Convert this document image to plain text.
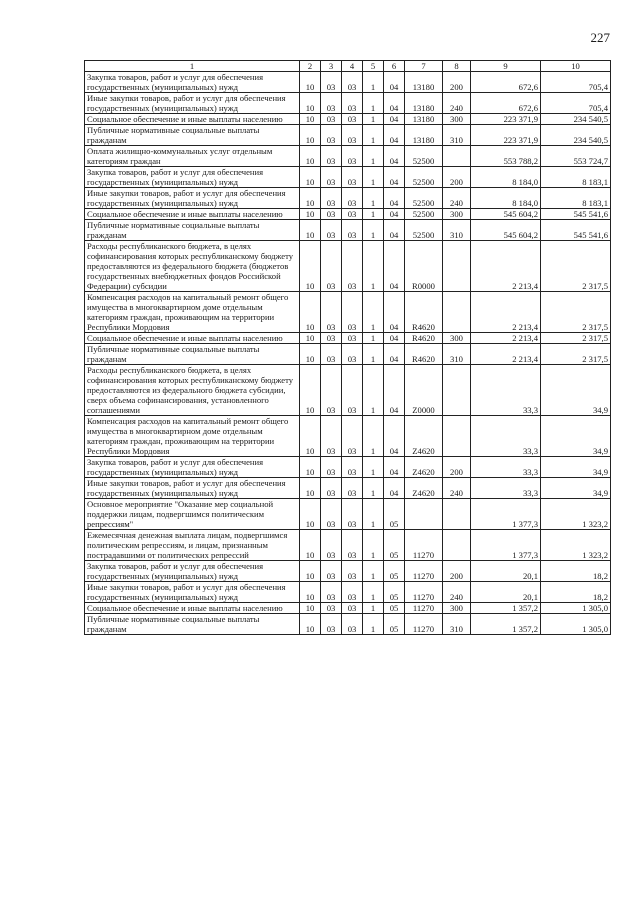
227
1	2	3	4	5	6	7	8	9	10
Закупка товаров, работ и услуг для обеспечения государственных (муниципальных) нужд	10	03	03	1	04	13180	200	672,6	705,4
Иные закупки товаров, работ и услуг для обеспечения государственных (муниципальных) нужд	10	03	03	1	04	13180	240	672,6	705,4
Социальное обеспечение и иные выплаты населению	10	03	03	1	04	13180	300	223 371,9	234 540,5
Публичные нормативные социальные выплаты гражданам	10	03	03	1	04	13180	310	223 371,9	234 540,5
Оплата жилищно-коммунальных услуг отдельным категориям граждан	10	03	03	1	04	52500		553 788,2	553 724,7
Закупка товаров, работ и услуг для обеспечения государственных (муниципальных) нужд	10	03	03	1	04	52500	200	8 184,0	8 183,1
Иные закупки товаров, работ и услуг для обеспечения государственных (муниципальных) нужд	10	03	03	1	04	52500	240	8 184,0	8 183,1
Социальное обеспечение и иные выплаты населению	10	03	03	1	04	52500	300	545 604,2	545 541,6
Публичные нормативные социальные выплаты гражданам	10	03	03	1	04	52500	310	545 604,2	545 541,6
Расходы республиканского бюджета, в целях софинансирования которых республиканскому бюджету предоставляются из федерального бюджета (бюджетов государственных внебюджетных фондов Российской Федерации) субсидии	10	03	03	1	04	R0000		2 213,4	2 317,5
Компенсация расходов на капитальный ремонт общего имущества в многоквартирном доме отдельным категориям граждан, проживающим на территории Республики Мордовия	10	03	03	1	04	R4620		2 213,4	2 317,5
Социальное обеспечение и иные выплаты населению	10	03	03	1	04	R4620	300	2 213,4	2 317,5
Публичные нормативные социальные выплаты гражданам	10	03	03	1	04	R4620	310	2 213,4	2 317,5
Расходы республиканского бюджета, в целях софинансирования которых республиканскому бюджету предоставляются из федерального бюджета субсидии, сверх объема софинансирования, установленного соглашениями	10	03	03	1	04	Z0000		33,3	34,9
Компенсация расходов на капитальный ремонт общего имущества в многоквартирном доме отдельным категориям граждан, проживающим на территории Республики Мордовия	10	03	03	1	04	Z4620		33,3	34,9
Закупка товаров, работ и услуг для обеспечения государственных (муниципальных) нужд	10	03	03	1	04	Z4620	200	33,3	34,9
Иные закупки товаров, работ и услуг для обеспечения государственных (муниципальных) нужд	10	03	03	1	04	Z4620	240	33,3	34,9
Основное мероприятие "Оказание мер социальной поддержки лицам, подвергшимся политическим репрессиям"	10	03	03	1	05			1 377,3	1 323,2
Ежемесячная денежная выплата лицам, подвергшимся политическим репрессиям, и лицам, признанным пострадавшими от политических репрессий	10	03	03	1	05	11270		1 377,3	1 323,2
Закупка товаров, работ и услуг для обеспечения государственных (муниципальных) нужд	10	03	03	1	05	11270	200	20,1	18,2
Иные закупки товаров, работ и услуг для обеспечения государственных (муниципальных) нужд	10	03	03	1	05	11270	240	20,1	18,2
Социальное обеспечение и иные выплаты населению	10	03	03	1	05	11270	300	1 357,2	1 305,0
Публичные нормативные социальные выплаты гражданам	10	03	03	1	05	11270	310	1 357,2	1 305,0
